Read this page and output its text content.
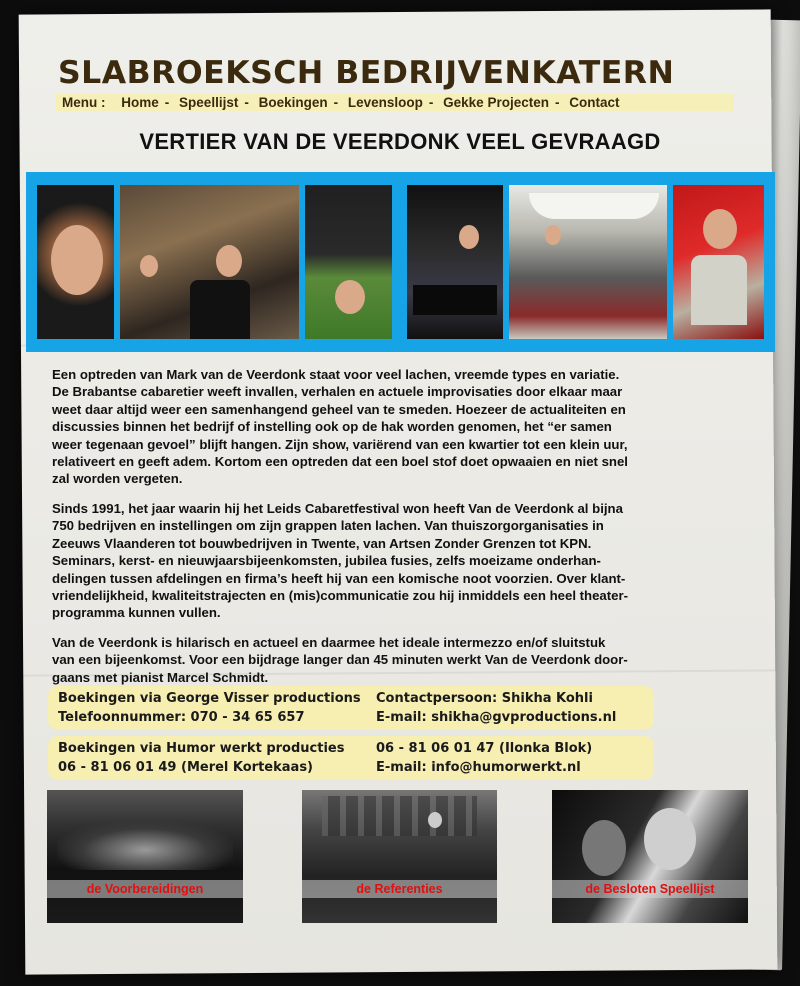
SLABROEKSCH BEDRIJVENKATERN
Menu : Home - Speellijst - Boekingen - Levensloop - Gekke Projecten - Contact
VERTIER VAN DE VEERDONK VEEL GEVRAAGD

Een optreden van Mark van de Veerdonk staat voor veel lachen, vreemde types en variatie.

De Brabantse cabaretier weeft invallen, verhalen en actuele improvisaties door elkaar maar

weet daar altijd weer een samenhangend geheel van te smeden. Hoezeer de actualiteiten en

discussies binnen het bedrijf of instelling ook op de hak worden genomen, het “er samen

weer tegenaan gevoel” blijft hangen. Zijn show, variërend van een kwartier tot een klein uur,

relativeert en geeft adem. Kortom een optreden dat een boel stof doet opwaaien en niet snel

zal worden vergeten.

Sinds 1991, het jaar waarin hij het Leids Cabaretfestival won heeft Van de Veerdonk al bijna

750 bedrijven en instellingen om zijn grappen laten lachen. Van thuiszorgorganisaties in

Zeeuws Vlaanderen tot bouwbedrijven in Twente, van Artsen Zonder Grenzen tot KPN.

Seminars, kerst- en nieuwjaarsbijeenkomsten, jubilea fusies, zelfs moeizame onderhan-

delingen tussen afdelingen en firma’s heeft hij van een komische noot voorzien. Over klant-

vriendelijkheid, kwaliteitstrajecten en (mis)communicatie zou hij inmiddels een heel theater-

programma kunnen vullen.

Van de Veerdonk is hilarisch en actueel en daarmee het ideale intermezzo en/of sluitstuk

van een bijeenkomst. Voor een bijdrage langer dan 45 minuten werkt Van de Veerdonk door-

gaans met pianist Marcel Schmidt.

Boekingen via George Visser productions
Telefoonnummer: 070 - 34 65 657
Contactpersoon: Shikha Kohli
E-mail: shikha@gvproductions.nl
Boekingen via Humor werkt producties
06 - 81 06 01 49 (Merel Kortekaas)
06 - 81 06 01 47 (Ilonka Blok)
E-mail: info@humorwerkt.nl
de Voorbereidingen	de Referenties	de Besloten Speellijst
